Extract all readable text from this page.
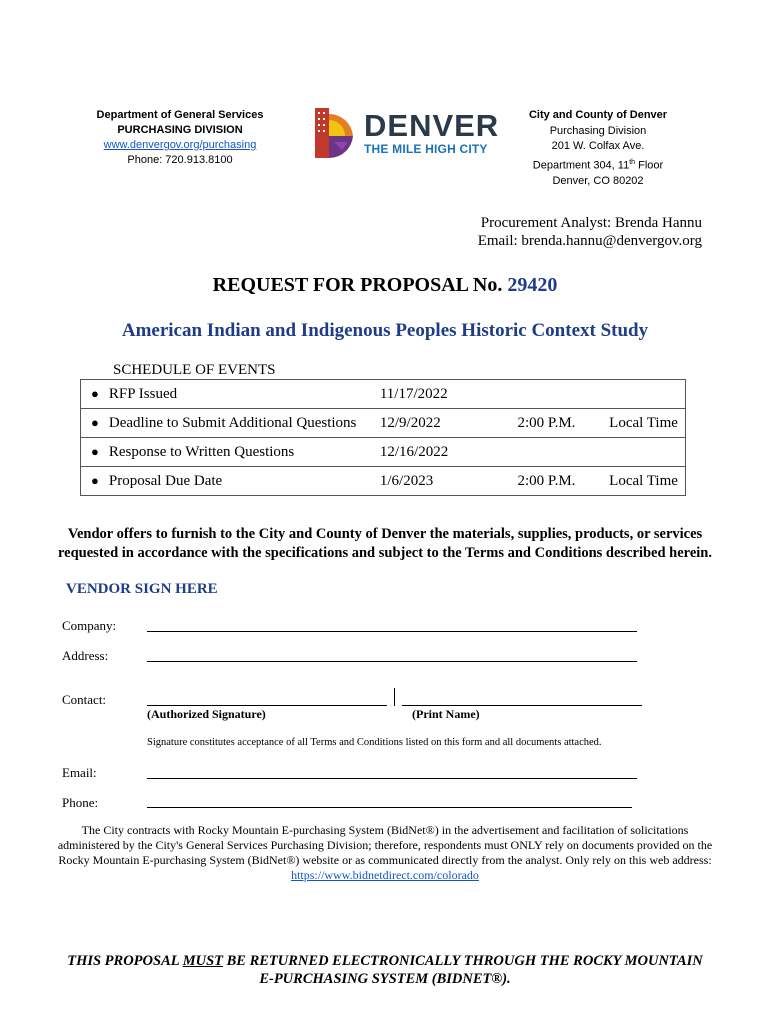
Department of General Services
PURCHASING DIVISION
www.denvergov.org/purchasing
Phone: 720.913.8100
DENVER
THE MILE HIGH CITY
City and County of Denver
Purchasing Division
201 W. Colfax Ave.
Department 304, 11th Floor
Denver, CO 80202
Procurement Analyst: Brenda Hannu
Email: brenda.hannu@denvergov.org
REQUEST FOR PROPOSAL No. 29420
American Indian and Indigenous Peoples Historic Context Study
SCHEDULE OF EVENTS
●	RFP Issued	11/17/2022		
●	Deadline to Submit Additional Questions	12/9/2022	2:00 P.M.	Local Time
●	Response to Written Questions	12/16/2022		
●	Proposal Due Date	1/6/2023	2:00 P.M.	Local Time
Vendor offers to furnish to the City and County of Denver the materials, supplies, products, or services requested in accordance with the specifications and subject to the Terms and Conditions described herein.
VENDOR SIGN HERE
Company:
Address:
Contact:
(Authorized Signature)	(Print Name)
Signature constitutes acceptance of all Terms and Conditions listed on this form and all documents attached.
Email:
Phone:
The City contracts with Rocky Mountain E-purchasing System (BidNet®) in the advertisement and facilitation of solicitations administered by the City's General Services Purchasing Division; therefore, respondents must ONLY rely on documents provided on the Rocky Mountain E-purchasing System (BidNet®) website or as communicated directly from the analyst. Only rely on this web address: https://www.bidnetdirect.com/colorado
THIS PROPOSAL MUST BE RETURNED ELECTRONICALLY THROUGH THE ROCKY MOUNTAIN
E-PURCHASING SYSTEM (BIDNET®).
